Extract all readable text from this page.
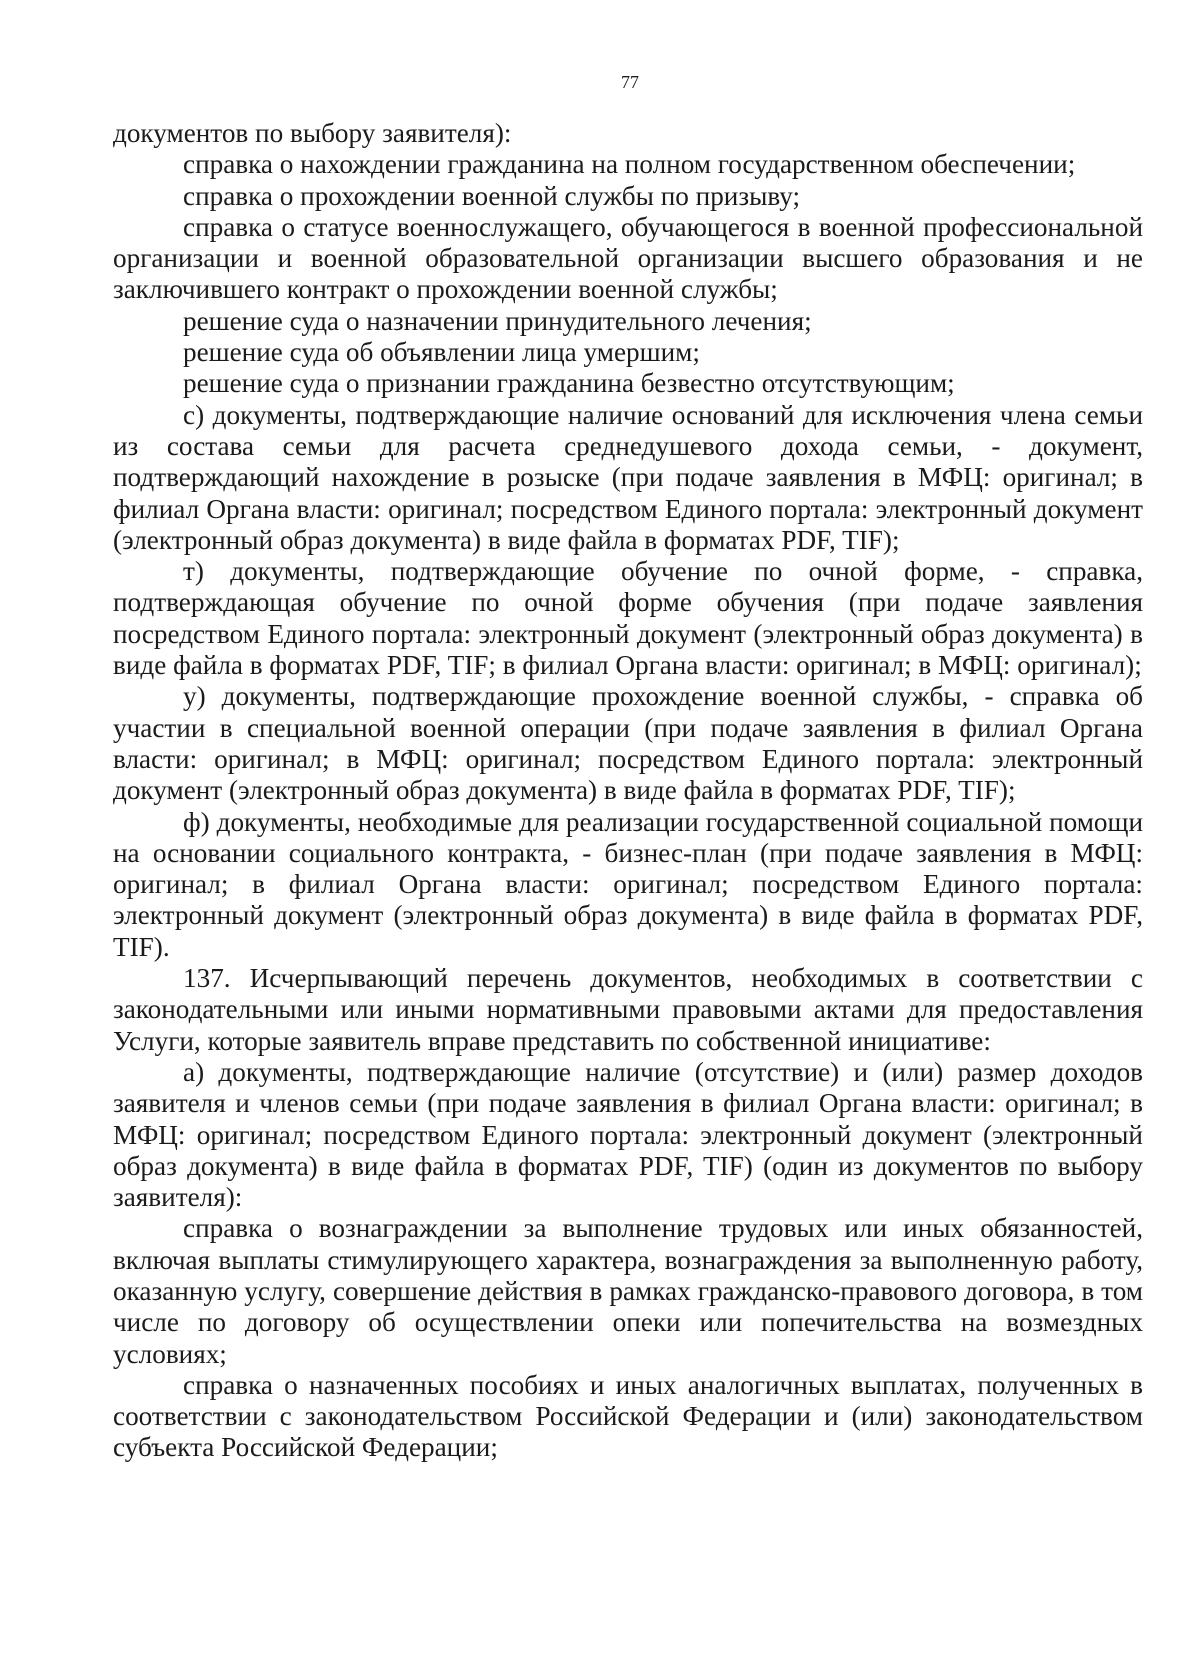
77

документов по выбору заявителя):

справка о нахождении гражданина на полном государственном обеспечении;

справка о прохождении военной службы по призыву;

справка о статусе военнослужащего, обучающегося в военной профессиональной организации и военной образовательной организации высшего образования и не заключившего контракт о прохождении военной службы;

решение суда о назначении принудительного лечения;

решение суда об объявлении лица умершим;

решение суда о признании гражданина безвестно отсутствующим;

с) документы, подтверждающие наличие оснований для исключения члена семьи из состава семьи для расчета среднедушевого дохода семьи, - документ, подтверждающий нахождение в розыске (при подаче заявления в МФЦ: оригинал; в филиал Органа власти: оригинал; посредством Единого портала: электронный документ (электронный образ документа) в виде файла в форматах PDF, TIF);

т) документы, подтверждающие обучение по очной форме, - справка, подтверждающая обучение по очной форме обучения (при подаче заявления посредством Единого портала: электронный документ (электронный образ документа) в виде файла в форматах PDF, TIF; в филиал Органа власти: оригинал; в МФЦ: оригинал);

у) документы, подтверждающие прохождение военной службы, - справка об участии в специальной военной операции (при подаче заявления в филиал Органа власти: оригинал; в МФЦ: оригинал; посредством Единого портала: электронный документ (электронный образ документа) в виде файла в форматах PDF, TIF);

ф) документы, необходимые для реализации государственной социальной помощи на основании социального контракта, - бизнес-план (при подаче заявления в МФЦ: оригинал; в филиал Органа власти: оригинал; посредством Единого портала: электронный документ (электронный образ документа) в виде файла в форматах PDF, TIF).

137. Исчерпывающий перечень документов, необходимых в соответствии с законодательными или иными нормативными правовыми актами для предоставления Услуги, которые заявитель вправе представить по собственной инициативе:

а) документы, подтверждающие наличие (отсутствие) и (или) размер доходов заявителя и членов семьи (при подаче заявления в филиал Органа власти: оригинал; в МФЦ: оригинал; посредством Единого портала: электронный документ (электронный образ документа) в виде файла в форматах PDF, TIF) (один из документов по выбору заявителя):

справка о вознаграждении за выполнение трудовых или иных обязанностей, включая выплаты стимулирующего характера, вознаграждения за выполненную работу, оказанную услугу, совершение действия в рамках гражданско-правового договора, в том числе по договору об осуществлении опеки или попечительства на возмездных условиях;

справка о назначенных пособиях и иных аналогичных выплатах, полученных в соответствии с законодательством Российской Федерации и (или) законодательством субъекта Российской Федерации;
